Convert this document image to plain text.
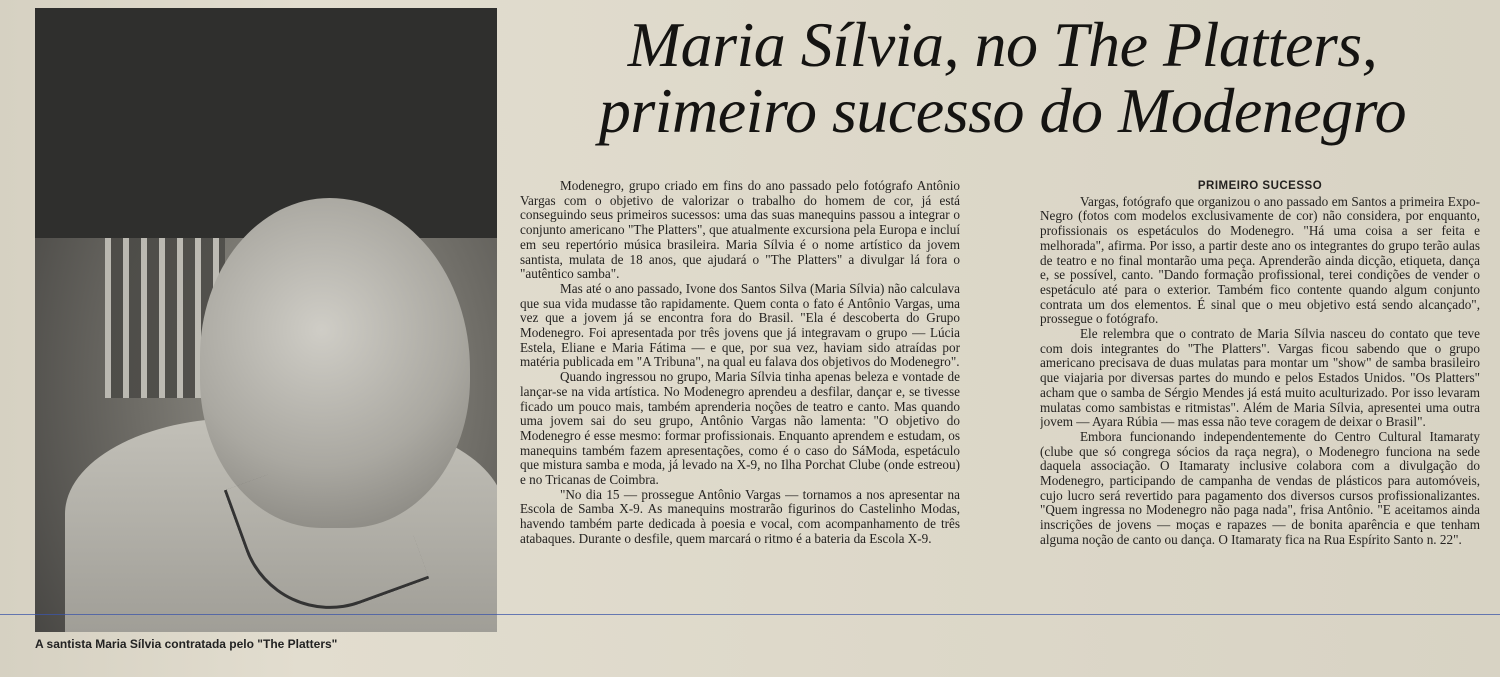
A santista Maria Sílvia contratada pelo "The Platters"
Maria Sílvia, no The Platters,
primeiro sucesso do Modenegro

Modenegro, grupo criado em fins do ano passado pelo fotógrafo Antônio Vargas com o objetivo de valorizar o trabalho do homem de cor, já está conseguindo seus primeiros sucessos: uma das suas manequins passou a integrar o conjunto americano "The Platters", que atualmente excursiona pela Europa e incluí em seu repertório música brasileira. Maria Sílvia é o nome artístico da jovem santista, mulata de 18 anos, que ajudará o "The Platters" a divulgar lá fora o "autêntico samba".

Mas até o ano passado, Ivone dos Santos Silva (Maria Sílvia) não calculava que sua vida mudasse tão rapidamente. Quem conta o fato é Antônio Vargas, uma vez que a jovem já se encontra fora do Brasil. "Ela é descoberta do Grupo Modenegro. Foi apresentada por três jovens que já integravam o grupo — Lúcia Estela, Eliane e Maria Fátima — e que, por sua vez, haviam sido atraídas por matéria publicada em "A Tribuna", na qual eu falava dos objetivos do Modenegro".

Quando ingressou no grupo, Maria Sílvia tinha apenas beleza e vontade de lançar-se na vida artística. No Modenegro aprendeu a desfilar, dançar e, se tivesse ficado um pouco mais, também aprenderia noções de teatro e canto. Mas quando uma jovem sai do seu grupo, Antônio Vargas não lamenta: "O objetivo do Modenegro é esse mesmo: formar profissionais. Enquanto aprendem e estudam, os manequins também fazem apresentações, como é o caso do SáModa, espetáculo que mistura samba e moda, já levado na X-9, no Ilha Porchat Clube (onde estreou) e no Tricanas de Coimbra.

"No dia 15 — prossegue Antônio Vargas — tornamos a nos apresentar na Escola de Samba X-9. As manequins mostrarão figurinos do Castelinho Modas, havendo também parte dedicada à poesia e vocal, com acompanhamento de três atabaques. Durante o desfile, quem marcará o ritmo é a bateria da Escola X-9.

PRIMEIRO SUCESSO

Vargas, fotógrafo que organizou o ano passado em Santos a primeira Expo-Negro (fotos com modelos exclusivamente de cor) não considera, por enquanto, profissionais os espetáculos do Modenegro. "Há uma coisa a ser feita e melhorada", afirma. Por isso, a partir deste ano os integrantes do grupo terão aulas de teatro e no final montarão uma peça. Aprenderão ainda dicção, etiqueta, dança e, se possível, canto. "Dando formação profissional, terei condições de vender o espetáculo até para o exterior. Também fico contente quando algum conjunto contrata um dos elementos. É sinal que o meu objetivo está sendo alcançado", prossegue o fotógrafo.

Ele relembra que o contrato de Maria Sílvia nasceu do contato que teve com dois integrantes do "The Platters". Vargas ficou sabendo que o grupo americano precisava de duas mulatas para montar um "show" de samba brasileiro que viajaria por diversas partes do mundo e pelos Estados Unidos. "Os Platters" acham que o samba de Sérgio Mendes já está muito aculturizado. Por isso levaram mulatas como sambistas e ritmistas". Além de Maria Sílvia, apresentei uma outra jovem — Ayara Rúbia — mas essa não teve coragem de deixar o Brasil".

Embora funcionando independentemente do Centro Cultural Itamaraty (clube que só congrega sócios da raça negra), o Modenegro funciona na sede daquela associação. O Itamaraty inclusive colabora com a divulgação do Modenegro, participando de campanha de vendas de plásticos para automóveis, cujo lucro será revertido para pagamento dos diversos cursos profissionalizantes. "Quem ingressa no Modenegro não paga nada", frisa Antônio. "E aceitamos ainda inscrições de jovens — moças e rapazes — de bonita aparência e que tenham alguma noção de canto ou dança. O Itamaraty fica na Rua Espírito Santo n. 22".
